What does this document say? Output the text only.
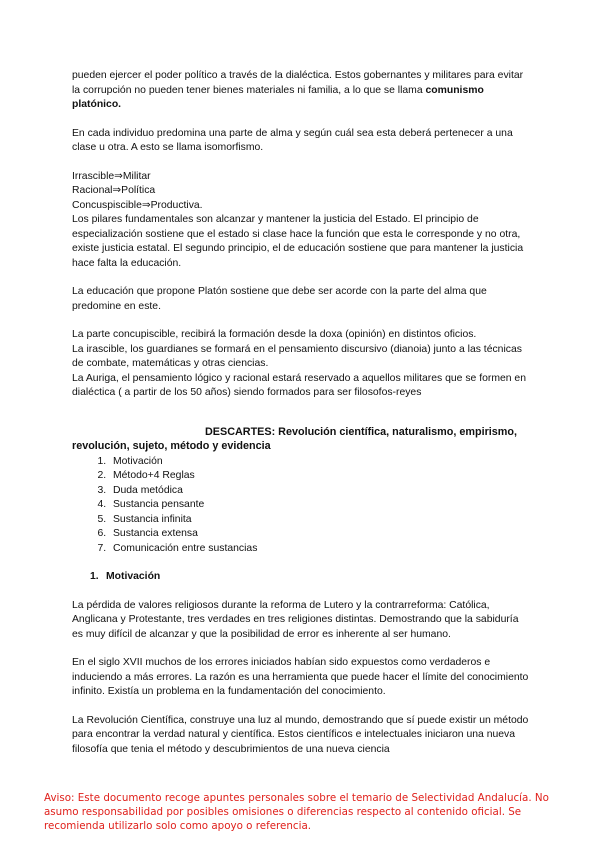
pueden ejercer el poder político a través de la dialéctica. Estos gobernantes y militares para evitar la corrupción no pueden tener bienes materiales ni familia, a lo que se llama comunismo platónico.

En cada individuo predomina una parte de alma y según cuál sea esta deberá pertenecer a una clase u otra. A esto se llama isomorfismo.

Irrascible⇒Militar

Racional⇒Política

Concuspiscible⇒Productiva.

Los pilares fundamentales son alcanzar y mantener la justicia del Estado. El principio de especialización sostiene que el estado si clase hace la función que esta le corresponde y no otra, existe justicia estatal. El segundo principio, el de educación sostiene que para mantener la justicia hace falta la educación.

La educación que propone Platón sostiene que debe ser acorde con la parte del alma que predomine en este.

La parte concupiscible, recibirá la formación desde la doxa (opinión) en distintos oficios.

La irascible, los guardianes se formará en el pensamiento discursivo (dianoia) junto a las técnicas de combate, matemáticas y otras ciencias.

La Auriga, el pensamiento lógico y racional estará reservado a aquellos militares que se formen en dialéctica ( a partir de los 50 años) siendo formados para ser filosofos-reyes

DESCARTES: Revolución científica, naturalismo, empirismo, revolución, sujeto, método y evidencia

1. Motivación
2. Método+4 Reglas
3. Duda metódica
4. Sustancia pensante
5. Sustancia infinita
6. Sustancia extensa
7. Comunicación entre sustancias

1. Motivación

La pérdida de valores religiosos durante la reforma de Lutero y la contrarreforma: Católica, Anglicana y Protestante, tres verdades en tres religiones distintas. Demostrando que la sabiduría es muy difícil de alcanzar y que la posibilidad de error es inherente al ser humano.

En el siglo XVII muchos de los errores iniciados habían sido expuestos como verdaderos e induciendo a más errores. La razón es una herramienta que puede hacer el límite del conocimiento infinito. Existía un problema en la fundamentación del conocimiento.

La Revolución Científica, construye una luz al mundo, demostrando que sí puede existir un método para encontrar la verdad natural y científica. Estos científicos e intelectuales iniciaron una nueva filosofía que tenia el método y descubrimientos de una nueva ciencia

Aviso: Este documento recoge apuntes personales sobre el temario de Selectividad Andalucía. No asumo responsabilidad por posibles omisiones o diferencias respecto al contenido oficial. Se recomienda utilizarlo solo como apoyo o referencia.
